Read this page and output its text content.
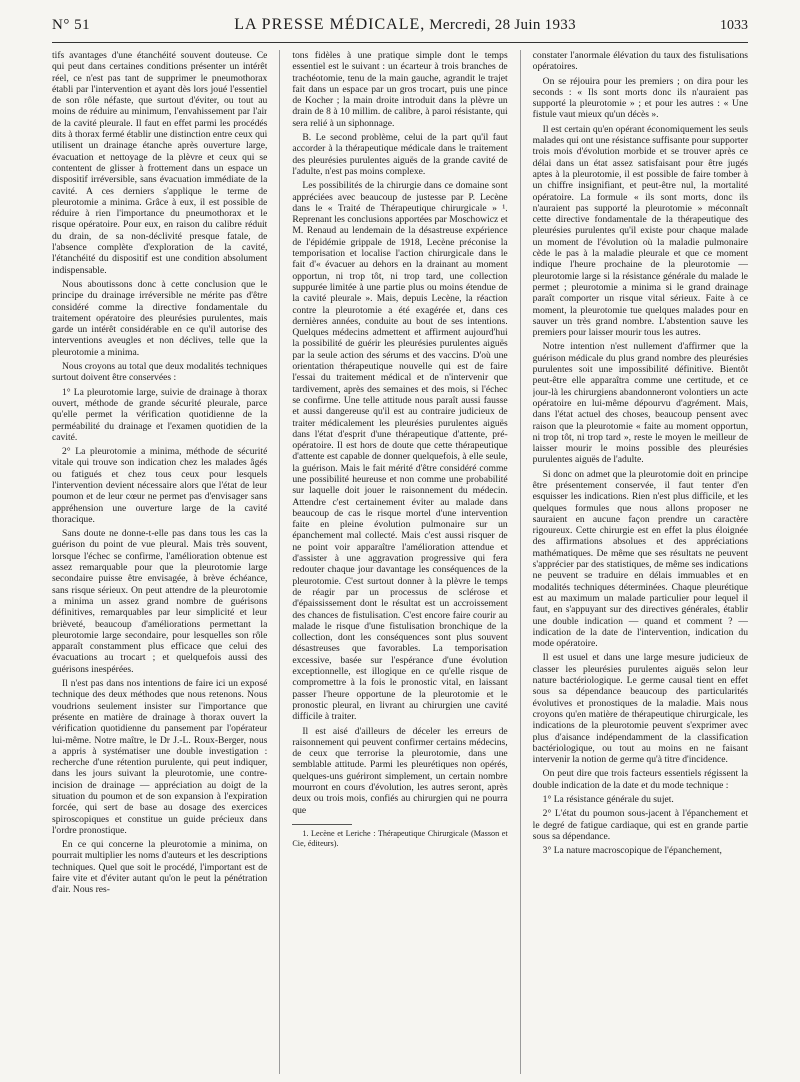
N° 51	LA PRESSE MÉDICALE, Mercredi, 28 Juin 1933	1033

tifs avantages d'une étanchéité souvent douteuse. Ce qui peut dans certaines conditions présenter un intérêt réel, ce n'est pas tant de supprimer le pneumothorax établi par l'intervention et ayant dès lors joué l'essentiel de son rôle néfaste, que surtout d'éviter, ou tout au moins de réduire au minimum, l'envahissement par l'air de la cavité pleurale. Il faut en effet parmi les procédés dits à thorax fermé établir une distinction entre ceux qui utilisent un drainage étanche après ouverture large, évacuation et nettoyage de la plèvre et ceux qui se contentent de glisser à frottement dans un espace un dispositif irréversible, sans évacuation immédiate de la cavité. A ces derniers s'applique le terme de pleurotomie a minima. Grâce à eux, il est possible de réduire à rien l'importance du pneumothorax et le risque opératoire. Pour eux, en raison du calibre réduit du drain, de sa non-déclivité presque fatale, de l'absence complète d'exploration de la cavité, l'étanchéité du dispositif est une condition absolument indispensable.

Nous aboutissons donc à cette conclusion que le principe du drainage irréversible ne mérite pas d'être considéré comme la directive fondamentale du traitement opératoire des pleurésies purulentes, mais garde un intérêt considérable en ce qu'il autorise des interventions aveugles et non déclives, telle que la pleurotomie a minima.

Nous croyons au total que deux modalités techniques surtout doivent être conservées :

1° La pleurotomie large, suivie de drainage à thorax ouvert, méthode de grande sécurité pleurale, parce qu'elle permet la vérification quotidienne de la perméabilité du drainage et l'examen quotidien de la cavité.

2° La pleurotomie a minima, méthode de sécurité vitale qui trouve son indication chez les malades âgés ou fatigués et chez tous ceux pour lesquels l'intervention devient nécessaire alors que l'état de leur poumon et de leur cœur ne permet pas d'envisager sans appréhension une ouverture large de la cavité thoracique.

Sans doute ne donne-t-elle pas dans tous les cas la guérison du point de vue pleural. Mais très souvent, lorsque l'échec se confirme, l'amélioration obtenue est assez remarquable pour que la pleurotomie large secondaire puisse être envisagée, à brève échéance, sans risque sérieux. On peut attendre de la pleurotomie a minima un assez grand nombre de guérisons définitives, remarquables par leur simplicité et leur brièveté, beaucoup d'améliorations permettant la pleurotomie large secondaire, pour lesquelles son rôle apparaît constamment plus efficace que celui des évacuations au trocart ; et quelquefois aussi des guérisons inespérées.

Il n'est pas dans nos intentions de faire ici un exposé technique des deux méthodes que nous retenons. Nous voudrions seulement insister sur l'importance que présente en matière de drainage à thorax ouvert la vérification quotidienne du pansement par l'opérateur lui-même. Notre maître, le Dr J.-L. Roux-Berger, nous a appris à systématiser une double investigation : recherche d'une rétention purulente, qui peut indiquer, dans les jours suivant la pleurotomie, une contre-incision de drainage — appréciation au doigt de la situation du poumon et de son expansion à l'expiration forcée, qui sert de base au dosage des exercices spiroscopiques et constitue un guide précieux dans l'ordre pronostique.

En ce qui concerne la pleurotomie a minima, on pourrait multiplier les noms d'auteurs et les descriptions techniques. Quel que soit le procédé, l'important est de faire vite et d'éviter autant qu'on le peut la pénétration d'air. Nous res-

tons fidèles à une pratique simple dont le temps essentiel est le suivant : un écarteur à trois branches de trachéotomie, tenu de la main gauche, agrandit le trajet fait dans un espace par un gros trocart, puis une pince de Kocher ; la main droite introduit dans la plèvre un drain de 8 à 10 millim. de calibre, à paroi résistante, qui sera relié à un siphonnage.

B. Le second problème, celui de la part qu'il faut accorder à la thérapeutique médicale dans le traitement des pleurésies purulentes aiguës de la grande cavité de l'adulte, n'est pas moins complexe.

Les possibilités de la chirurgie dans ce domaine sont appréciées avec beaucoup de justesse par P. Lecène dans le « Traité de Thérapeutique chirurgicale » ¹. Reprenant les conclusions apportées par Moschowicz et M. Renaud au lendemain de la désastreuse expérience de l'épidémie grippale de 1918, Lecène préconise la temporisation et localise l'action chirurgicale dans le fait d'« évacuer au dehors en la drainant au moment opportun, ni trop tôt, ni trop tard, une collection suppurée limitée à une partie plus ou moins étendue de la cavité pleurale ». Mais, depuis Lecène, la réaction contre la pleurotomie a été exagérée et, dans ces dernières années, conduite au bout de ses intentions. Quelques médecins admettent et affirment aujourd'hui la possibilité de guérir les pleurésies purulentes aiguës par la seule action des sérums et des vaccins. D'où une orientation thérapeutique nouvelle qui est de faire l'essai du traitement médical et de n'intervenir que tardivement, après des semaines et des mois, si l'échec se confirme. Une telle attitude nous paraît aussi fausse et aussi dangereuse qu'il est au contraire judicieux de traiter médicalement les pleurésies purulentes aiguës dans l'état d'esprit d'une thérapeutique d'attente, pré-opératoire. Il est hors de doute que cette thérapeutique d'attente est capable de donner quelquefois, à elle seule, la guérison. Mais le fait mérité d'être considéré comme une possibilité heureuse et non comme une probabilité sur laquelle doit jouer le raisonnement du médecin. Attendre c'est certainement éviter au malade dans beaucoup de cas le risque mortel d'une intervention faite en pleine évolution pulmonaire sur un épanchement mal collecté. Mais c'est aussi risquer de ne point voir apparaître l'amélioration attendue et d'assister à une aggravation progressive qui fera redouter chaque jour davantage les conséquences de la pleurotomie. C'est surtout donner à la plèvre le temps de réagir par un processus de sclérose et d'épaississement dont le résultat est un accroissement des chances de fistulisation. C'est encore faire courir au malade le risque d'une fistulisation bronchique de la collection, dont les conséquences sont plus souvent désastreuses que favorables. La temporisation excessive, basée sur l'espérance d'une évolution exceptionnelle, est illogique en ce qu'elle risque de compromettre à la fois le pronostic vital, en laissant passer l'heure opportune de la pleurotomie et le pronostic pleural, en livrant au chirurgien une cavité difficile à traiter.

Il est aisé d'ailleurs de déceler les erreurs de raisonnement qui peuvent confirmer certains médecins, de ceux que terrorise la pleurotomie, dans une semblable attitude. Parmi les pleurétiques non opérés, quelques-uns guériront simplement, un certain nombre mourront en cours d'évolution, les autres seront, après deux ou trois mois, confiés au chirurgien qui ne pourra que

1. Lecène et Leriche : Thérapeutique Chirurgicale (Masson et Cie, éditeurs).

constater l'anormale élévation du taux des fistulisations opératoires.

On se réjouira pour les premiers ; on dira pour les seconds : « Ils sont morts donc ils n'auraient pas supporté la pleurotomie » ; et pour les autres : « Une fistule vaut mieux qu'un décès ».

Il est certain qu'en opérant économiquement les seuls malades qui ont une résistance suffisante pour supporter trois mois d'évolution morbide et se trouver après ce délai dans un état assez satisfaisant pour être jugés aptes à la pleurotomie, il est possible de faire tomber à un chiffre insignifiant, et peut-être nul, la mortalité opératoire. La formule « ils sont morts, donc ils n'auraient pas supporté la pleurotomie » méconnaît cette directive fondamentale de la thérapeutique des pleurésies purulentes qu'il existe pour chaque malade un moment de l'évolution où la maladie pulmonaire cède le pas à la maladie pleurale et que ce moment indique l'heure prochaine de la pleurotomie — pleurotomie large si la résistance générale du malade le permet ; pleurotomie a minima si le grand drainage paraît comporter un risque vital sérieux. Faite à ce moment, la pleurotomie tue quelques malades pour en sauver un très grand nombre. L'abstention sauve les premiers pour laisser mourir tous les autres.

Notre intention n'est nullement d'affirmer que la guérison médicale du plus grand nombre des pleurésies purulentes soit une impossibilité définitive. Bientôt peut-être elle apparaîtra comme une certitude, et ce jour-là les chirurgiens abandonneront volontiers un acte opératoire en lui-même dépourvu d'agrément. Mais, dans l'état actuel des choses, beaucoup pensent avec raison que la pleurotomie « faite au moment opportun, ni trop tôt, ni trop tard », reste le moyen le meilleur de laisser mourir le moins possible des pleurésies purulentes aiguës de l'adulte.

Si donc on admet que la pleurotomie doit en principe être présentement conservée, il faut tenter d'en esquisser les indications. Rien n'est plus difficile, et les quelques formules que nous allons proposer ne sauraient en aucune façon prendre un caractère rigoureux. Cette chirurgie est en effet la plus éloignée des affirmations absolues et des appréciations mathématiques. De même que ses résultats ne peuvent s'apprécier par des statistiques, de même ses indications ne peuvent se traduire en délais immuables et en modalités techniques déterminées. Chaque pleurétique est au maximum un malade particulier pour lequel il faut, en s'appuyant sur des directives générales, établir une double indication — quand et comment ? — indication de la date de l'intervention, indication du mode opératoire.

Il est usuel et dans une large mesure judicieux de classer les pleurésies purulentes aiguës selon leur nature bactériologique. Le germe causal tient en effet sous sa dépendance beaucoup des particularités évolutives et pronostiques de la maladie. Mais nous croyons qu'en matière de thérapeutique chirurgicale, les indications de la pleurotomie peuvent s'exprimer avec plus d'aisance indépendamment de la classification bactériologique, ou tout au moins en ne faisant intervenir la notion de germe qu'à titre d'incidence.

On peut dire que trois facteurs essentiels régissent la double indication de la date et du mode technique :

1° La résistance générale du sujet.

2° L'état du poumon sous-jacent à l'épanchement et le degré de fatigue cardiaque, qui est en grande partie sous sa dépendance.

3° La nature macroscopique de l'épanchement,
